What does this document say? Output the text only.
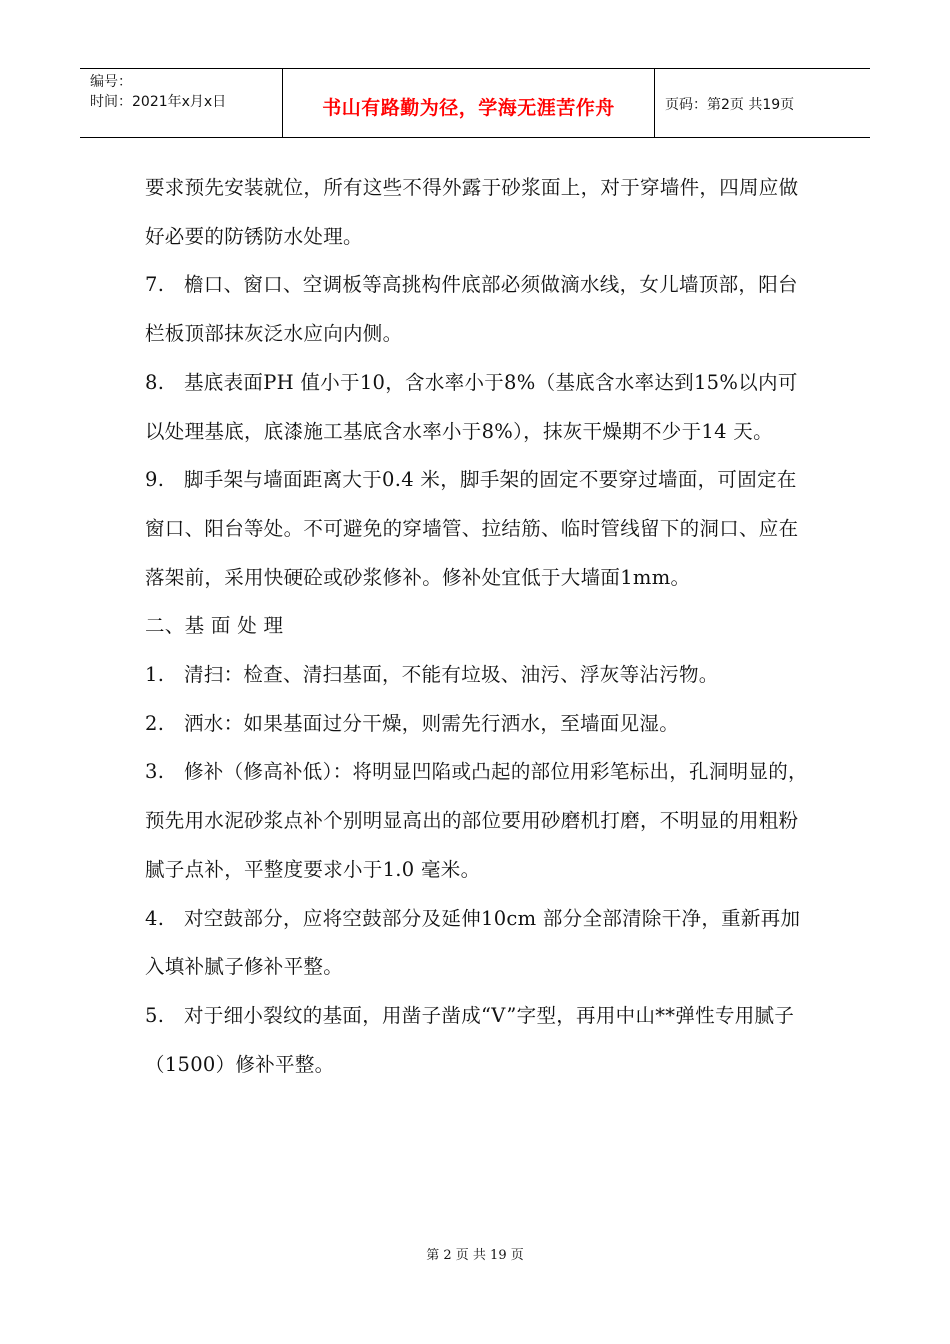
编号：
时间：2021年x月x日	书山有路勤为径，学海无涯苦作舟	页码：第2页 共19页

要求预先安装就位，所有这些不得外露于砂浆面上，对于穿墙件，四周应做好必要的防锈防水处理。

7.　檐口、窗口、空调板等高挑构件底部必须做滴水线，女儿墙顶部，阳台栏板顶部抹灰泛水应向内侧。

8.　基底表面PH 值小于10，含水率小于8%（基底含水率达到15%以内可以处理基底，底漆施工基底含水率小于8%），抹灰干燥期不少于14 天。

9.　脚手架与墙面距离大于0.4 米，脚手架的固定不要穿过墙面，可固定在窗口、阳台等处。不可避免的穿墙管、拉结筋、临时管线留下的洞口、应在落架前，采用快硬砼或砂浆修补。修补处宜低于大墙面1mm。

二、基 面 处 理

1.　清扫：检查、清扫基面，不能有垃圾、油污、浮灰等沾污物。

2.　洒水：如果基面过分干燥，则需先行洒水，至墙面见湿。

3.　修补（修高补低）：将明显凹陷或凸起的部位用彩笔标出，孔洞明显的，预先用水泥砂浆点补个别明显高出的部位要用砂磨机打磨，不明显的用粗粉腻子点补，平整度要求小于1.0 毫米。

4.　对空鼓部分，应将空鼓部分及延伸10cm 部分全部清除干净，重新再加入填补腻子修补平整。

5.　对于细小裂纹的基面，用凿子凿成“V”字型，再用中山**弹性专用腻子（1500）修补平整。

第 2 页 共 19 页
